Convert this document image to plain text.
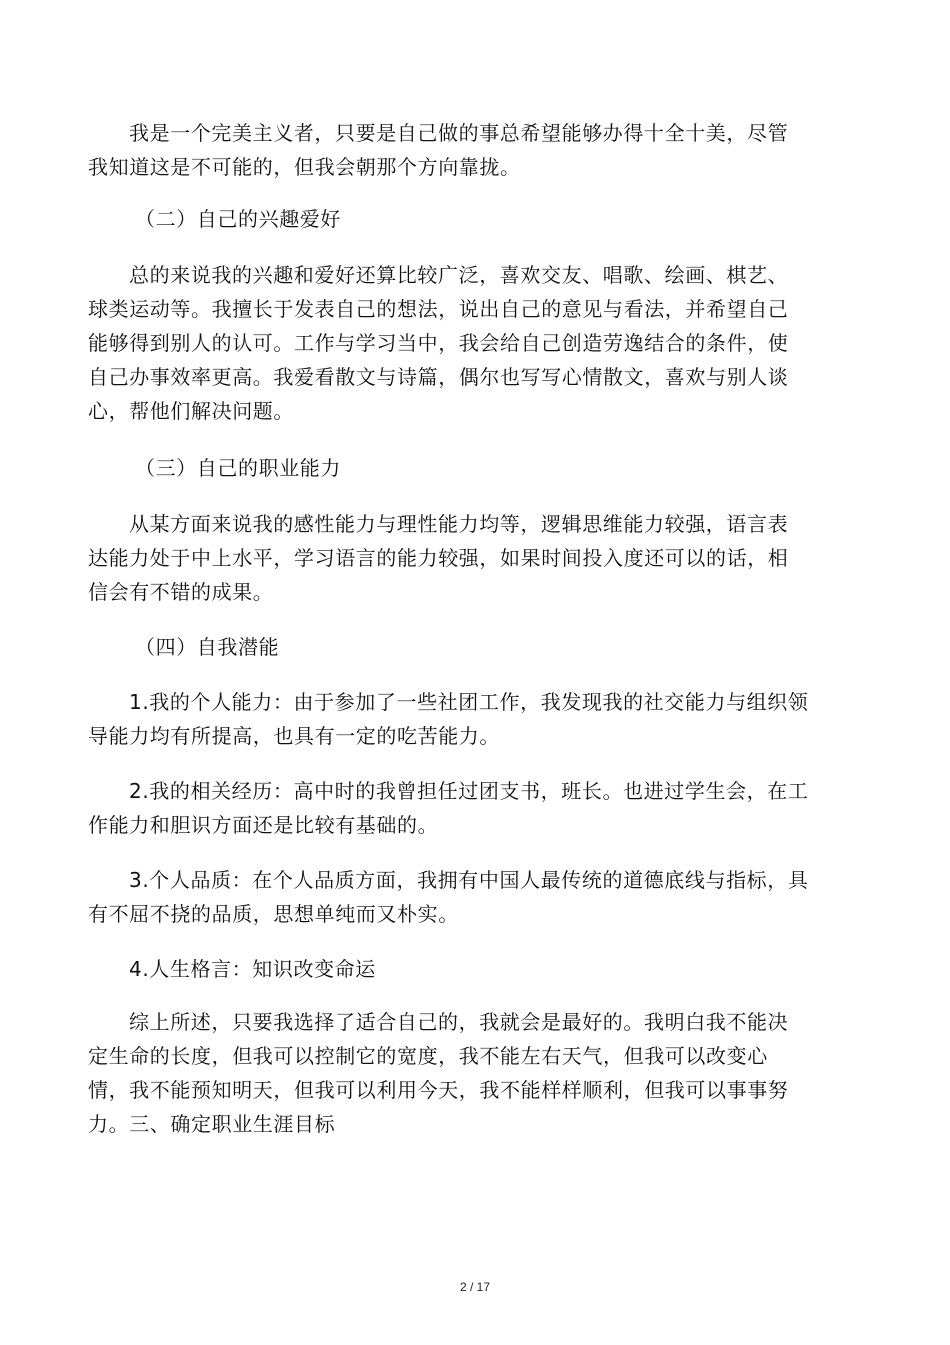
我是一个完美主义者，只要是自己做的事总希望能够办得十全十美，尽管
我知道这是不可能的，但我会朝那个方向靠拢。

（二）自己的兴趣爱好

总的来说我的兴趣和爱好还算比较广泛，喜欢交友、唱歌、绘画、棋艺、
球类运动等。我擅长于发表自己的想法，说出自己的意见与看法，并希望自己
能够得到别人的认可。工作与学习当中，我会给自己创造劳逸结合的条件，使
自己办事效率更高。我爱看散文与诗篇，偶尔也写写心情散文，喜欢与别人谈
心，帮他们解决问题。

（三）自己的职业能力

从某方面来说我的感性能力与理性能力均等，逻辑思维能力较强，语言表
达能力处于中上水平，学习语言的能力较强，如果时间投入度还可以的话，相
信会有不错的成果。

（四）自我潜能

1.我的个人能力：由于参加了一些社团工作，我发现我的社交能力与组织领
导能力均有所提高，也具有一定的吃苦能力。

2.我的相关经历：高中时的我曾担任过团支书，班长。也进过学生会，在工
作能力和胆识方面还是比较有基础的。

3.个人品质：在个人品质方面，我拥有中国人最传统的道德底线与指标，具
有不屈不挠的品质，思想单纯而又朴实。

4.人生格言：知识改变命运

综上所述，只要我选择了适合自己的，我就会是最好的。我明白我不能决
定生命的长度，但我可以控制它的宽度，我不能左右天气，但我可以改变心
情，我不能预知明天，但我可以利用今天，我不能样样顺利，但我可以事事努
力。三、确定职业生涯目标

2 / 17
